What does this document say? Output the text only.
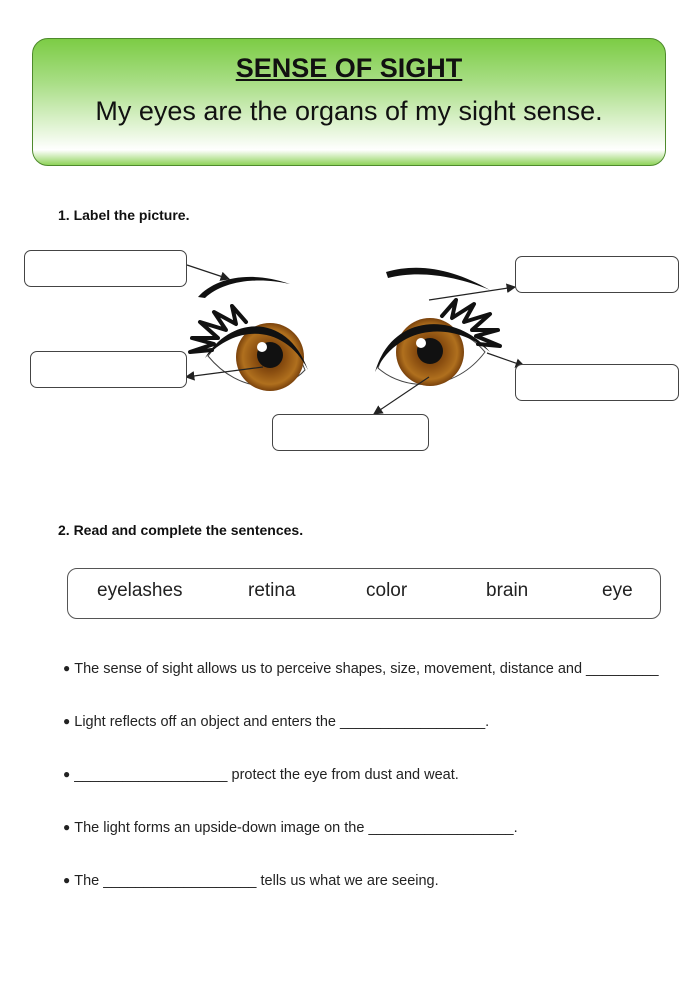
SENSE OF SIGHT
My eyes are the organs of my sight sense.
1. Label the picture.
2. Read and complete the sentences.
eyelashes	retina	color	brain	eye
● The sense of sight allows us to perceive shapes, size, movement, distance and _________
● Light reflects off an object and enters the __________________.
● ___________________ protect the eye from dust and weat.
● The light forms an upside-down image on the __________________.
● The ___________________ tells us what we are seeing.
